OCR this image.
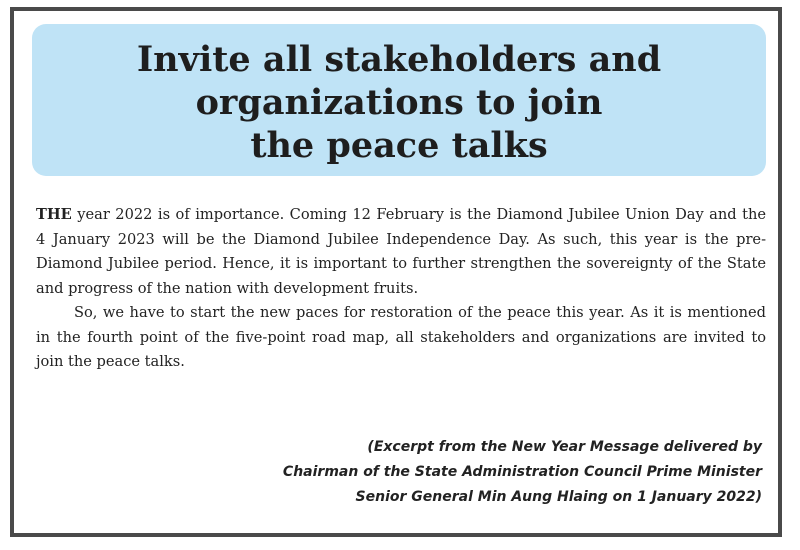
Invite all stakeholders and
organizations to join
the peace talks

THE year 2022 is of importance. Coming 12 February is the Diamond Jubilee Union Day and the 4 January 2023 will be the Diamond Jubilee Independence Day. As such, this year is the pre-Diamond Jubilee period. Hence, it is important to further strengthen the sovereignty of the State and progress of the nation with development fruits.

So, we have to start the new paces for restoration of the peace this year. As it is mentioned in the fourth point of the five-point road map, all stakeholders and organizations are invited to join the peace talks.

(Excerpt from the New Year Message delivered by
Chairman of the State Administration Council Prime Minister
Senior General Min Aung Hlaing on 1 January 2022)
